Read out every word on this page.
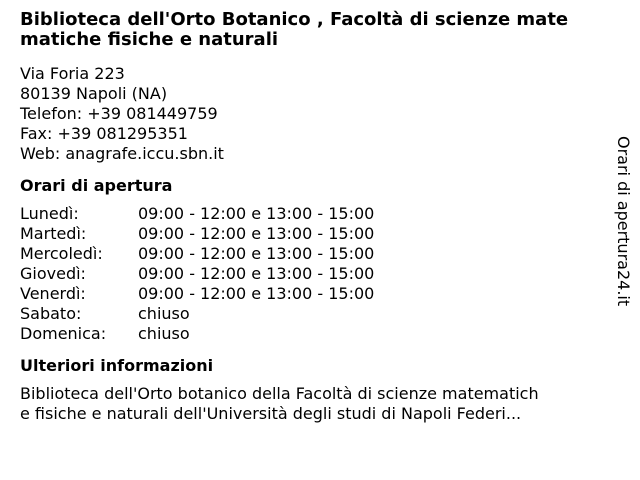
Biblioteca dell'Orto Botanico , Facoltà di scienze mate
matiche fisiche e naturali
Via Foria 223
80139 Napoli (NA)
Telefon: +39 081449759
Fax: +39 081295351
Web: anagrafe.iccu.sbn.it
Orari di apertura
Lunedì:	09:00 - 12:00 e 13:00 - 15:00
Martedì:	09:00 - 12:00 e 13:00 - 15:00
Mercoledì:	09:00 - 12:00 e 13:00 - 15:00
Giovedì:	09:00 - 12:00 e 13:00 - 15:00
Venerdì:	09:00 - 12:00 e 13:00 - 15:00
Sabato:	chiuso
Domenica:	chiuso
Ulteriori informazioni
Biblioteca dell'Orto botanico della Facoltà di scienze matematich
e fisiche e naturali dell'Università degli studi di Napoli Federi...
Orari di apertura24.it
